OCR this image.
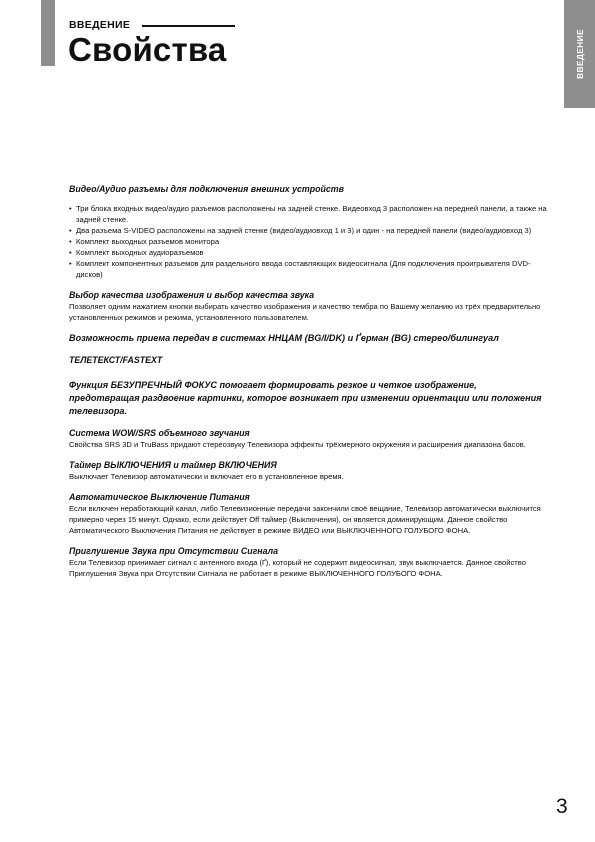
ВВЕДЕНИЕ
Свойства	ВВЕДЕНИЕ
Видео/Аудио разъемы для подключения внешних устройств
• Три блока входных видео/аудио разъемов расположены на задней стенке. Видеовход 3 расположен на передней панели, а также на задней стенке.
• Два разъема S-VIDEO расположены на задней стенке (видео/аудиовход 1 и 3) и один - на передней панели (видео/аудиовход 3)
• Комплект выходных разъемов монитора
• Комплект выходных аудиоразъемов
• Комплект компонентных разъемов для раздельного ввода составляющих видеосигнала (Для подключения проигрывателя DVD-дисков)
Выбор качества изображения и выбор качества звука

Позволяет одним нажатием кнопки выбирать качество изображения и качество тембра по Вашему желанию из трёх предварительно установленных режимов и режима, установленного пользователем.

Возможность приема передач в системах HНЦAM (BG/I/DK) и Ґерман (BG) стерео/билингуал
ТЕЛЕТЕКСТ/FASTEXT
Функция БЕЗУПРЕЧНЫЙ ФОКУС помогает формировать резкое и четкое изображение, предотвращая раздвоение картинки, которое возникает при изменении ориентации или положения телевизора.
Система WOW/SRS объемного звучания

Свойства SRS 3D и TruBass придают стереозвуку Телевизора эффекты трёхмерного окружения и расширения диапазона басов.

Таймер ВЫКЛЮЧЕНИЯ и таймер ВКЛЮЧЕНИЯ

Выключает Телевизор автоматически и включает его в установленное время.

Автоматическое Выключение Питания

Если включен неработающий канал, либо Телевизионные передачи закончили своё вещание, Телевизор автоматически выключится примерно через 15 минут. Однако, если действует Off таймер (Выключения), он является доминирующим. Данное свойство Автоматического Выключения Питания не действует в режиме ВИДЕО или ВЫКЛЮЧЕННОГО ГОЛУБОГО ФОНА.

Приглушение Звука при Отсутствии Сигнала

Если Телевизор принимает сигнал с антенного входа (Ґ), который не содержит видеосигнал, звук выключается. Данное свойство Приглушения Звука при Отсутствии Сигнала не работает в режиме ВЫКЛЮЧЕННОГО ГОЛУБОГО ФОНА.

3
